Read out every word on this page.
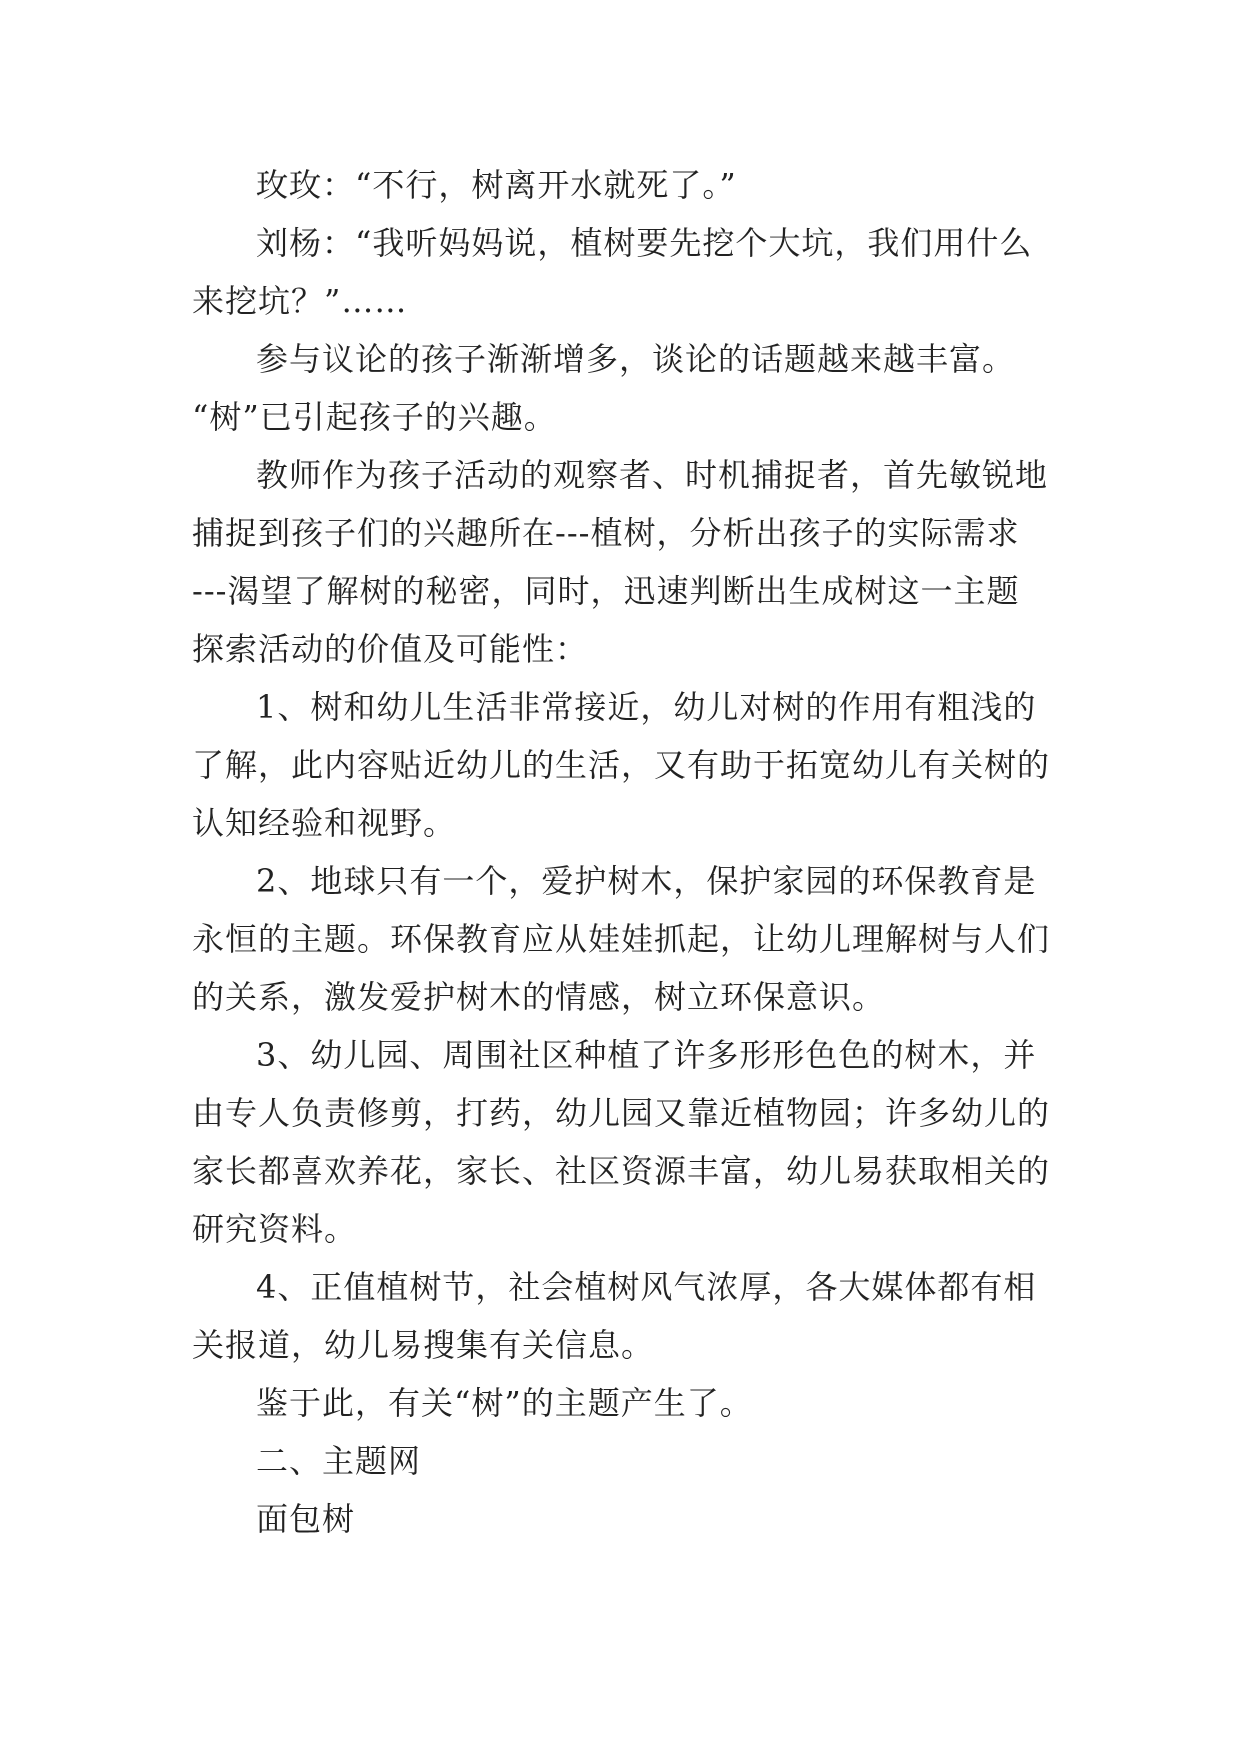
玫玫：“不行，树离开水就死了。”
刘杨：“我听妈妈说，植树要先挖个大坑，我们用什么
来挖坑？”……
参与议论的孩子渐渐增多，谈论的话题越来越丰富。
“树”已引起孩子的兴趣。
教师作为孩子活动的观察者、时机捕捉者，首先敏锐地
捕捉到孩子们的兴趣所在---植树，分析出孩子的实际需求
---渴望了解树的秘密，同时，迅速判断出生成树这一主题
探索活动的价值及可能性：
1、树和幼儿生活非常接近，幼儿对树的作用有粗浅的
了解，此内容贴近幼儿的生活，又有助于拓宽幼儿有关树的
认知经验和视野。
2、地球只有一个，爱护树木，保护家园的环保教育是
永恒的主题。环保教育应从娃娃抓起，让幼儿理解树与人们
的关系，激发爱护树木的情感，树立环保意识。
3、幼儿园、周围社区种植了许多形形色色的树木，并
由专人负责修剪，打药，幼儿园又靠近植物园；许多幼儿的
家长都喜欢养花，家长、社区资源丰富，幼儿易获取相关的
研究资料。
4、正值植树节，社会植树风气浓厚，各大媒体都有相
关报道，幼儿易搜集有关信息。
鉴于此，有关“树”的主题产生了。
二、主题网
面包树
